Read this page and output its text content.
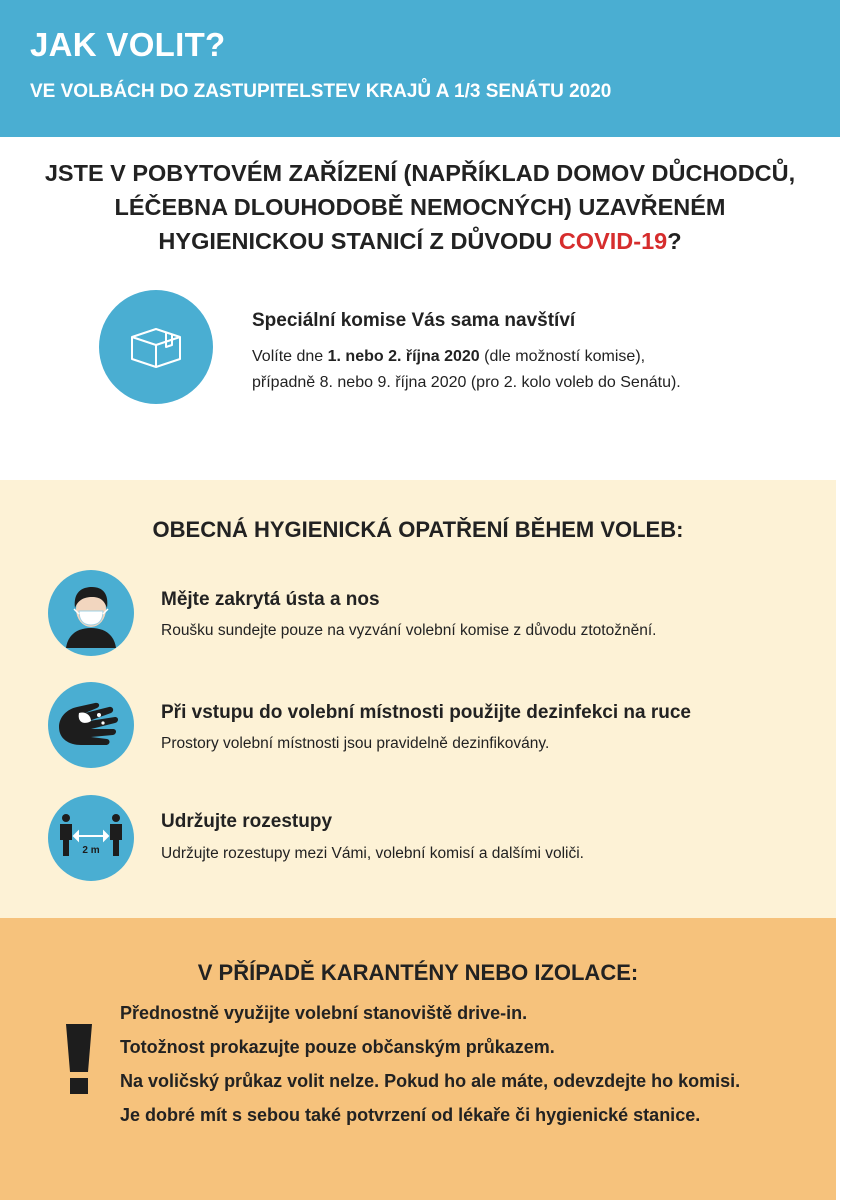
JAK VOLIT?
VE VOLBÁCH DO ZASTUPITELSTEV KRAJŮ A 1/3 SENÁTU 2020
JSTE V POBYTOVÉM ZAŘÍZENÍ (NAPŘÍKLAD DOMOV DŮCHODCŮ,
LÉČEBNA DLOUHODOBĚ NEMOCNÝCH) UZAVŘENÉM
HYGIENICKOU STANICÍ Z DŮVODU COVID-19?
Speciální komise Vás sama navštíví
Volíte dne 1. nebo 2. října 2020 (dle možností komise),
případně 8. nebo 9. října 2020 (pro 2. kolo voleb do Senátu).
OBECNÁ HYGIENICKÁ OPATŘENÍ BĚHEM VOLEB:
Mějte zakrytá ústa a nos
Roušku sundejte pouze na vyzvání volební komise z důvodu ztotožnění.
Při vstupu do volební místnosti použijte dezinfekci na ruce
Prostory volební místnosti jsou pravidelně dezinfikovány.
2 m
Udržujte rozestupy
Udržujte rozestupy mezi Vámi, volební komisí a dalšími voliči.
V PŘÍPADĚ KARANTÉNY NEBO IZOLACE:
Přednostně využijte volební stanoviště drive-in.
Totožnost prokazujte pouze občanským průkazem.
Na voličský průkaz volit nelze. Pokud ho ale máte, odevzdejte ho komisi.
Je dobré mít s sebou také potvrzení od lékaře či hygienické stanice.
